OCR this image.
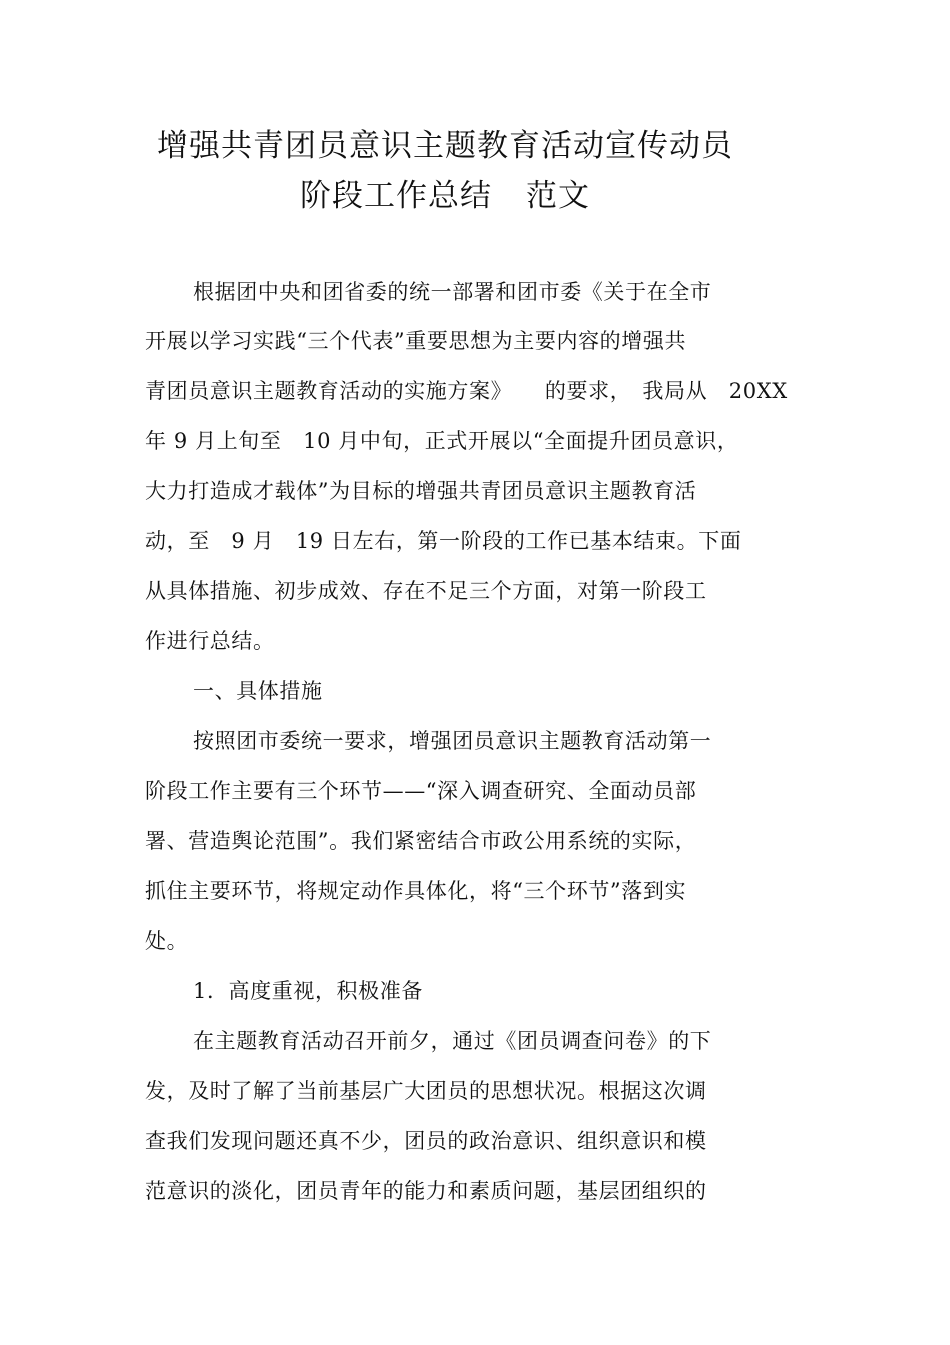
增强共青团员意识主题教育活动宣传动员
阶段工作总结 范文
根据团中央和团省委的统一部署和团市委《关于在全市
开展以学习实践“三个代表”重要思想为主要内容的增强共
青团员意识主题教育活动的实施方案》　　的要求，　我局从　20XX
年 9 月上旬至　10 月中旬，正式开展以“全面提升团员意识，
大力打造成才载体”为目标的增强共青团员意识主题教育活
动，至　9 月　19 日左右，第一阶段的工作已基本结束。下面
从具体措施、初步成效、存在不足三个方面，对第一阶段工
作进行总结。
一、具体措施
按照团市委统一要求，增强团员意识主题教育活动第一
阶段工作主要有三个环节——“深入调查研究、全面动员部
署、营造舆论范围”。我们紧密结合市政公用系统的实际，
抓住主要环节，将规定动作具体化，将“三个环节”落到实
处。
1．高度重视，积极准备
在主题教育活动召开前夕，通过《团员调查问卷》的下
发，及时了解了当前基层广大团员的思想状况。根据这次调
查我们发现问题还真不少，团员的政治意识、组织意识和模
范意识的淡化，团员青年的能力和素质问题，基层团组织的
